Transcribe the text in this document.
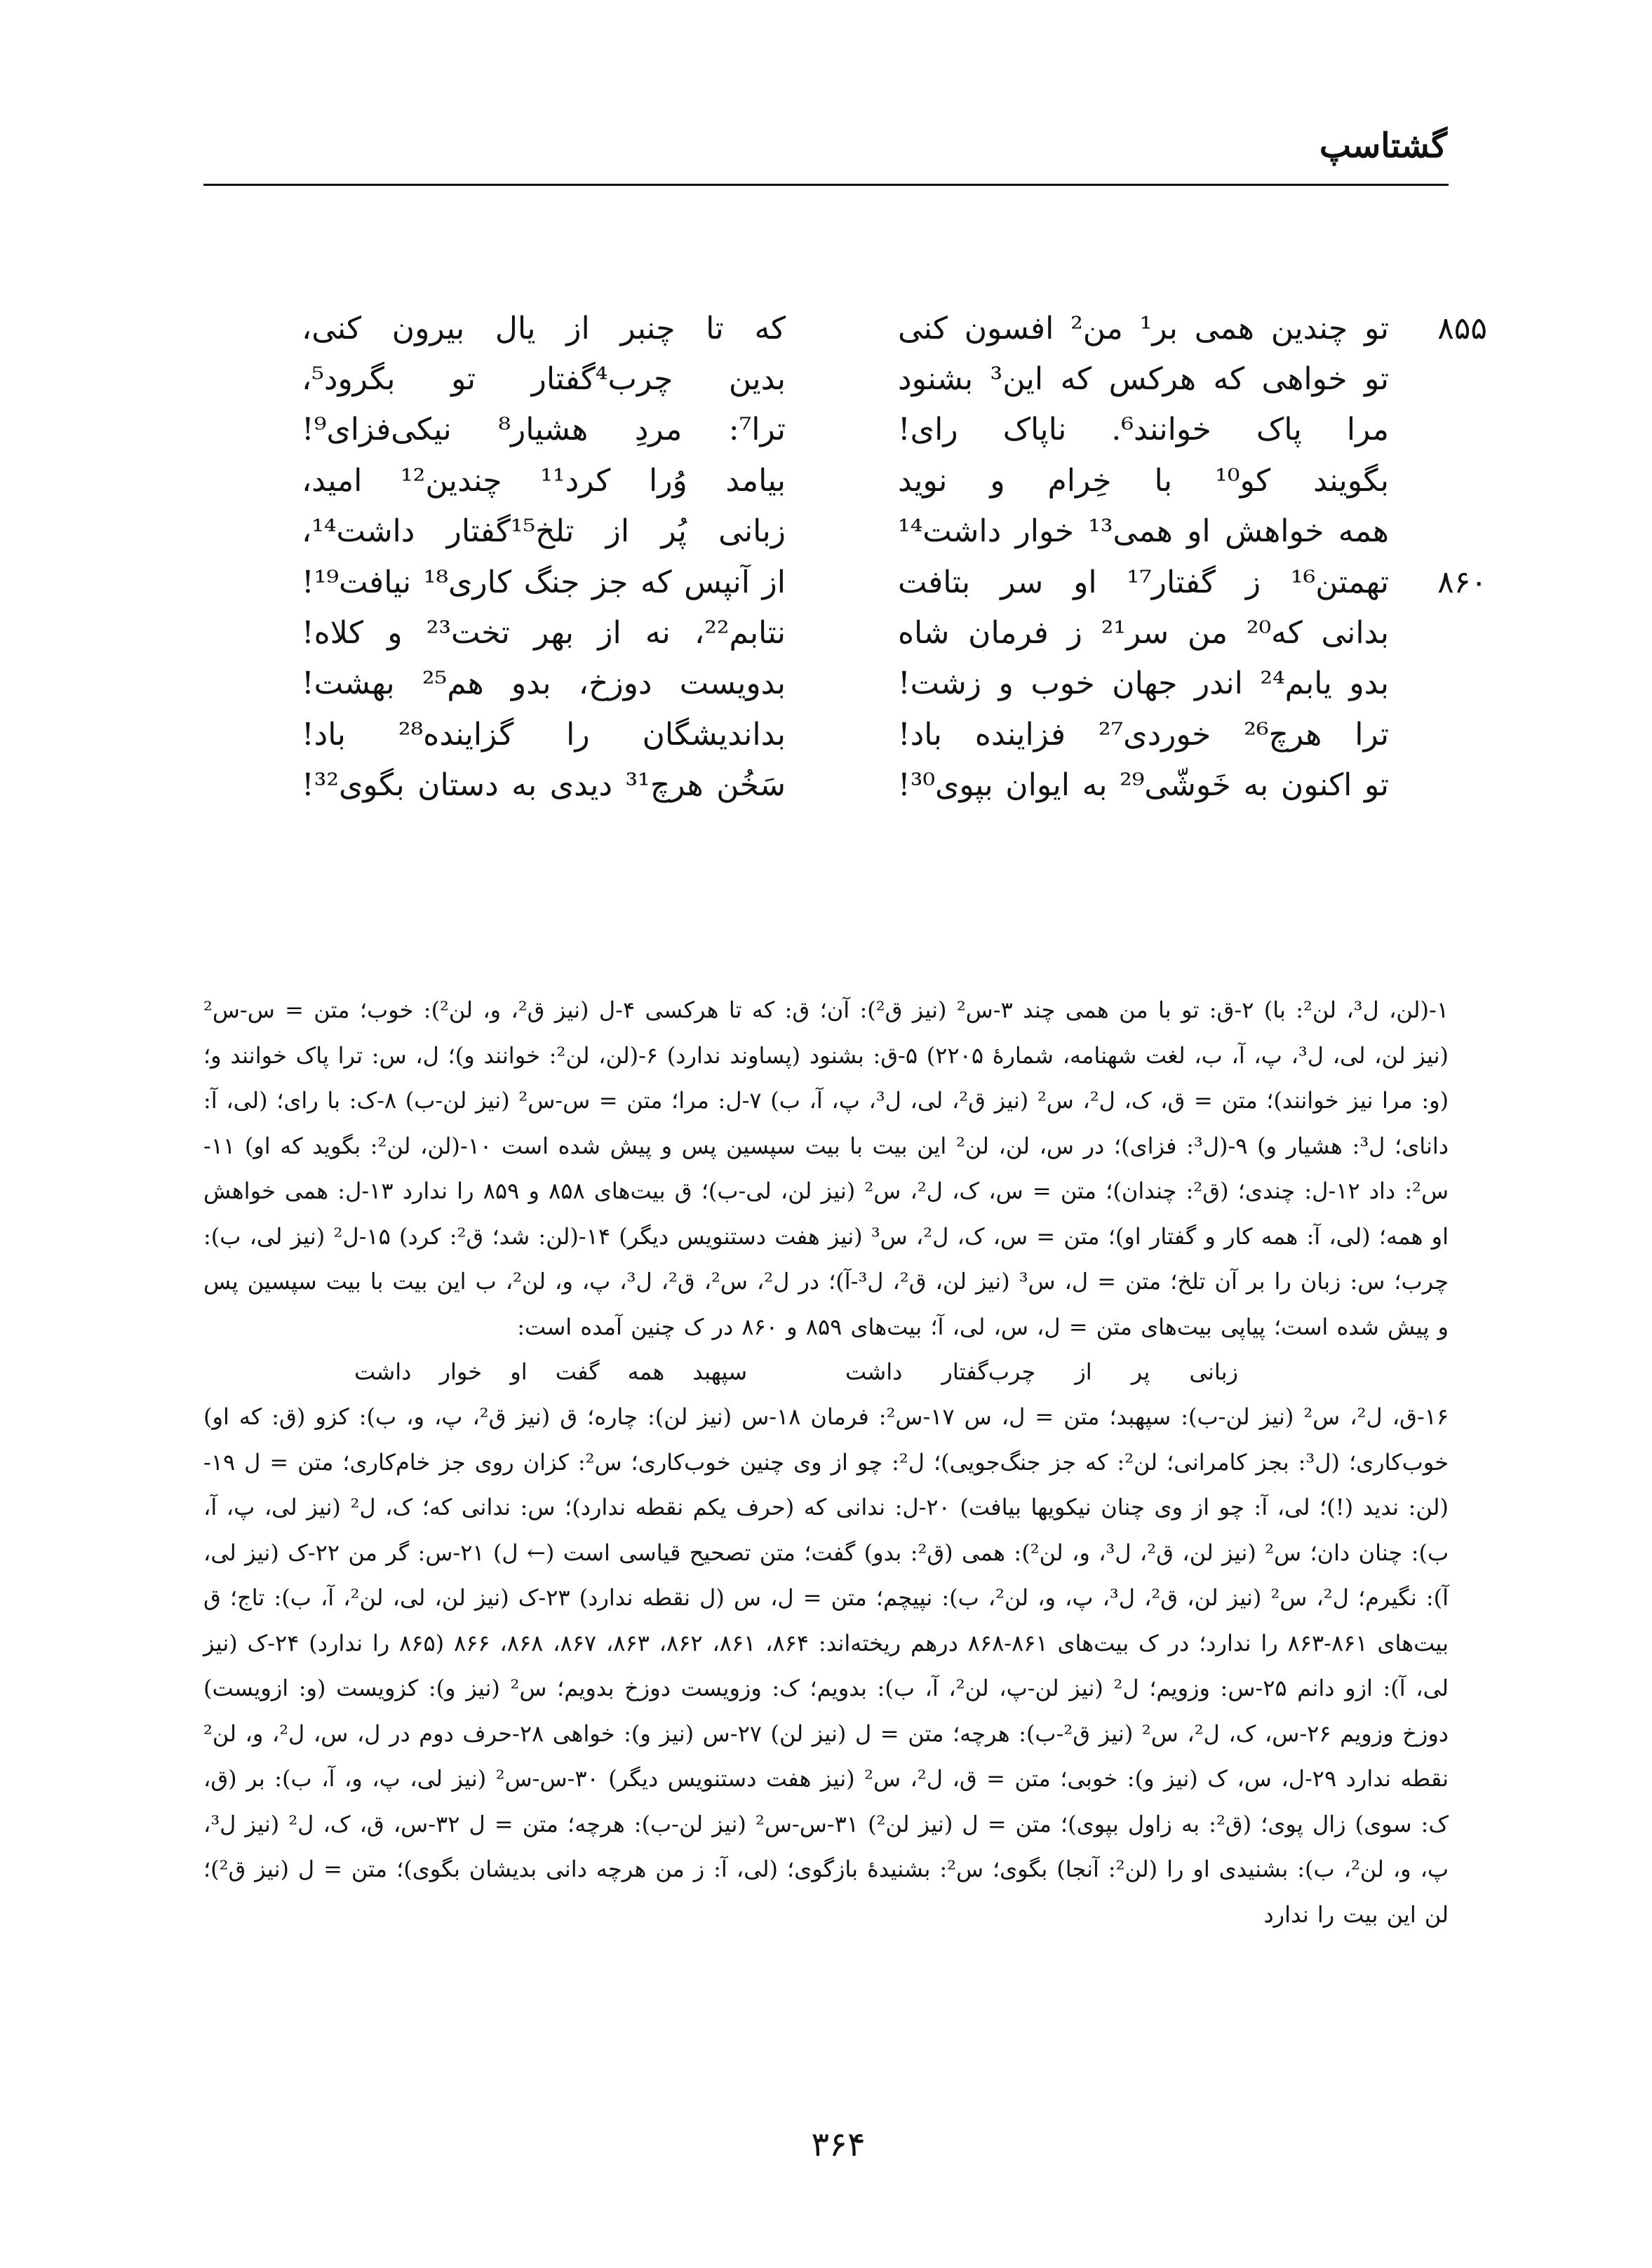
گشتاسپ
۸۵۵
تو چندین همی بر¹ من² افسون کنی
که تا چنبر از یال بیرون کنی،
تو خواهی که هرکس که این³ بشنود
بدین چرب⁴گفتارِ تو بگرود⁵،
مرا پاک خوانند⁶. ناپاک رای!
ترا⁷: مردِ هشیار⁸ نیکی‌فزای⁹!
بگویند کو¹⁰ با خِرام و نوید
بیامد وُرا کرد¹¹ چندین¹² امید،
همه خواهش او همی¹³ خوار داشت¹⁴
زبانی پُر از تلخ¹⁵گفتار داشت¹⁴،
۸۶۰
تهمتن¹⁶ زِ گفتارِ¹⁷ او سر بتافت
از آنپس که جز جنگ کاری¹⁸ نیافت¹⁹!
بدانی که²⁰ من سر²¹ زِ فرمانِ شاه
نتابم²²، نه از بهرِ تخت²³ و کلاه!
بدو یابم²⁴ اندر جهان خوب و زشت!
بدویست دوزخ، بدو هم²⁵ بهشت!
ترا هرچ²⁶ خوردی²⁷ فزاینده باد!
بداندیشگان را گزاینده²⁸ باد!
تو اکنون به خَوشّی²⁹ به ایوان بپوی³⁰!
سَخُن هرچ³¹ دیدی به دستان بگوی³²!
۱-(لن، ل³، لن²: با) ۲-ق: تو با من همی چند ۳-س² (نیز ق²): آن؛ ق: که تا هرکسی ۴-ل (نیز ق²، و، لن²): خوب؛ متن = س-س² (نیز لن، لی، ل³، پ، آ، ب، لغت شهنامه، شمارهٔ ۲۲۰۵) ۵-ق: بشنود (پساوند ندارد) ۶-(لن، لن²: خوانند و)؛ ل، س: ترا پاک خوانند و؛ (و: مرا نیز خوانند)؛ متن = ق، ک، ل²، س² (نیز ق²، لی، ل³، پ، آ، ب) ۷-ل: مرا؛ متن = س-س² (نیز لن-ب) ۸-ک: با رای؛ (لی، آ: دانای؛ ل³: هشیار و) ۹-(ل³: فزای)؛ در س، لن، لن² این بیت با بیت سپسین پس و پیش شده است ۱۰-(لن، لن²: بگوید که او) ۱۱-س²: داد ۱۲-ل: چندی؛ (ق²: چندان)؛ متن = س، ک، ل²، س² (نیز لن، لی-ب)؛ ق بیت‌های ۸۵۸ و ۸۵۹ را ندارد ۱۳-ل: همی خواهش او همه؛ (لی، آ: همه کار و گفتار او)؛ متن = س، ک، ل²، س³ (نیز هفت دستنویس دیگر) ۱۴-(لن: شد؛ ق²: کرد) ۱۵-ل² (نیز لی، ب): چرب؛ س: زبان را بر آن تلخ؛ متن = ل، س³ (نیز لن، ق²، ل³-آ)؛ در ل²، س²، ق²، ل³، پ، و، لن²، ب این بیت با بیت سپسین پس و پیش شده است؛ پیاپی بیت‌های متن = ل، س، لی، آ؛ بیت‌های ۸۵۹ و ۸۶۰ در ک چنین آمده است:
زبانی پر از چرب‌گفتار داشت
سپهبد همه گفت او خوار داشت
۱۶-ق، ل²، س² (نیز لن-ب): سپهبد؛ متن = ل، س ۱۷-س²: فرمان ۱۸-س (نیز لن): چاره؛ ق (نیز ق²، پ، و، ب): کزو (ق: که او) خوب‌کاری؛ (ل³: بجز کامرانی؛ لن²: که جز جنگ‌جویی)؛ ل²: چو از وی چنین خوب‌کاری؛ س²: کزان روی جز خام‌کاری؛ متن = ل ۱۹-(لن: ندید (!)؛ لی، آ: چو از وی چنان نیکویها بیافت) ۲۰-ل: ندانی که (حرف یکم نقطه ندارد)؛ س: ندانی که؛ ک، ل² (نیز لی، پ، آ، ب): چنان دان؛ س² (نیز لن، ق²، ل³، و، لن²): همی (ق²: بدو) گفت؛ متن تصحیح قیاسی است (← ل) ۲۱-س: گر من ۲۲-ک (نیز لی، آ): نگیرم؛ ل²، س² (نیز لن، ق²، ل³، پ، و، لن²، ب): نپیچم؛ متن = ل، س (ل نقطه ندارد) ۲۳-ک (نیز لن، لی، لن²، آ، ب): تاج؛ ق بیت‌های ۸۶۱-۸۶۳ را ندارد؛ در ک بیت‌های ۸۶۱-۸۶۸ درهم ریخته‌اند: ۸۶۴، ۸۶۱، ۸۶۲، ۸۶۳، ۸۶۷، ۸۶۸، ۸۶۶ (۸۶۵ را ندارد) ۲۴-ک (نیز لی، آ): ازو دانم ۲۵-س: وزویم؛ ل² (نیز لن-پ، لن²، آ، ب): بدویم؛ ک: وزویست دوزخ بدویم؛ س² (نیز و): کزویست (و: ازویست) دوزخ وزویم ۲۶-س، ک، ل²، س² (نیز ق²-ب): هرچه؛ متن = ل (نیز لن) ۲۷-س (نیز و): خواهی ۲۸-حرف دوم در ل، س، ل²، و، لن² نقطه ندارد ۲۹-ل، س، ک (نیز و): خوبی؛ متن = ق، ل²، س² (نیز هفت دستنویس دیگر) ۳۰-س-س² (نیز لی، پ، و، آ، ب): بر (ق، ک: سوی) زال پوی؛ (ق²: به زاول بپوی)؛ متن = ل (نیز لن²) ۳۱-س-س² (نیز لن-ب): هرچه؛ متن = ل ۳۲-س، ق، ک، ل² (نیز ل³، پ، و، لن²، ب): بشنیدی او را (لن²: آنجا) بگوی؛ س²: بشنیدهٔ بازگوی؛ (لی، آ: ز من هرچه دانی بدیشان بگوی)؛ متن = ل (نیز ق²)؛ لن این بیت را ندارد
۳۶۴
